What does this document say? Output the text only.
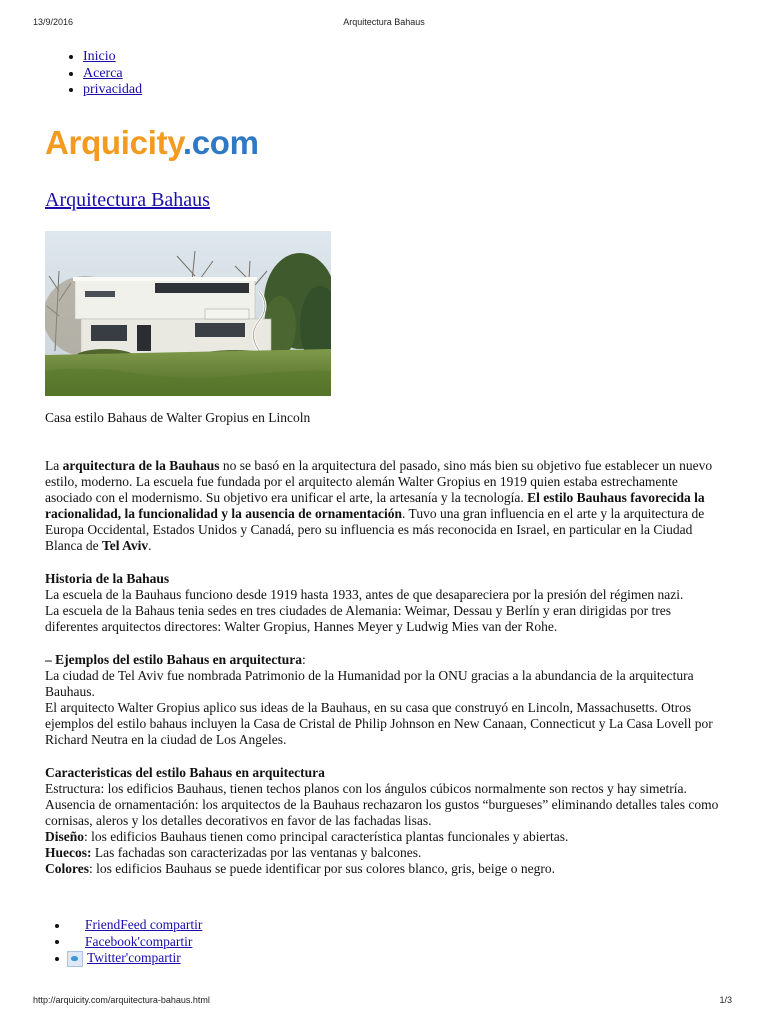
13/9/2016	Arquitectura Bahaus
• Inicio
• Acerca
• privacidad
Arquicity.com
Arquitectura Bahaus

Casa estilo Bahaus de Walter Gropius en Lincoln

La arquitectura de la Bauhaus no se basó en la arquitectura del pasado, sino más bien su objetivo fue establecer un nuevo estilo, moderno. La escuela fue fundada por el arquitecto alemán Walter Gropius en 1919 quien estaba estrechamente asociado con el modernismo. Su objetivo era unificar el arte, la artesanía y la tecnología. El estilo Bauhaus favorecida la racionalidad, la funcionalidad y la ausencia de ornamentación. Tuvo una gran influencia en el arte y la arquitectura de Europa Occidental, Estados Unidos y Canadá, pero su influencia es más reconocida en Israel, en particular en la Ciudad Blanca de Tel Aviv.

Historia de la Bahaus

La escuela de la Bauhaus funciono desde 1919 hasta 1933, antes de que desapareciera por la presión del régimen nazi.

La escuela de la Bahaus tenia sedes en tres ciudades de Alemania: Weimar, Dessau y Berlín y eran dirigidas por tres diferentes arquitectos directores: Walter Gropius, Hannes Meyer y Ludwig Mies van der Rohe.

– Ejemplos del estilo Bahaus en arquitectura:

La ciudad de Tel Aviv fue nombrada Patrimonio de la Humanidad por la ONU gracias a la abundancia de la arquitectura Bauhaus.

El arquitecto Walter Gropius aplico sus ideas de la Bauhaus, en su casa que construyó en Lincoln, Massachusetts. Otros ejemplos del estilo bahaus incluyen la Casa de Cristal de Philip Johnson en New Canaan, Connecticut y La Casa Lovell por Richard Neutra en la ciudad de Los Angeles.

Caracteristicas del estilo Bahaus en arquitectura

Estructura: los edificios Bauhaus, tienen techos planos con los ángulos cúbicos normalmente son rectos y hay simetría.

Ausencia de ornamentación: los arquitectos de la Bauhaus rechazaron los gustos “burgueses” eliminando detalles tales como cornisas, aleros y los detalles decorativos en favor de las fachadas lisas.

Diseño: los edificios Bauhaus tienen como principal característica plantas funcionales y abiertas.

Huecos: Las fachadas son caracterizadas por las ventanas y balcones.

Colores: los edificios Bauhaus se puede identificar por sus colores blanco, gris, beige o negro.

FriendFeed compartir
Facebook'compartir
Twitter'compartir
http://arquicity.com/arquitectura-bahaus.html	1/3
